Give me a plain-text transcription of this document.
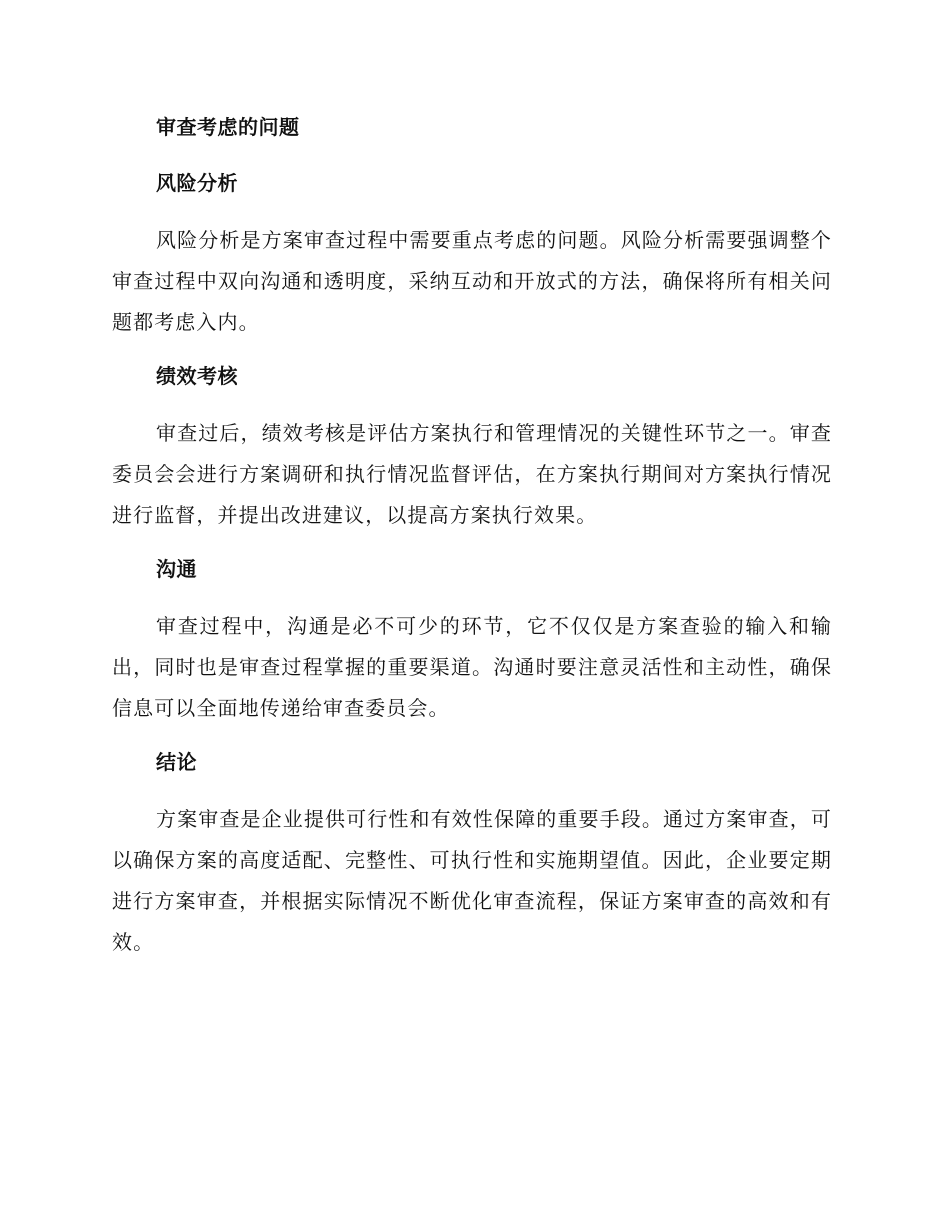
审查考虑的问题
风险分析

风险分析是方案审查过程中需要重点考虑的问题。风险分析需要强调整个审查过程中双向沟通和透明度，采纳互动和开放式的方法，确保将所有相关问题都考虑入内。

绩效考核

审查过后，绩效考核是评估方案执行和管理情况的关键性环节之一。审查委员会会进行方案调研和执行情况监督评估，在方案执行期间对方案执行情况进行监督，并提出改进建议，以提高方案执行效果。

沟通

审查过程中，沟通是必不可少的环节，它不仅仅是方案查验的输入和输出，同时也是审查过程掌握的重要渠道。沟通时要注意灵活性和主动性，确保信息可以全面地传递给审查委员会。

结论

方案审查是企业提供可行性和有效性保障的重要手段。通过方案审查，可以确保方案的高度适配、完整性、可执行性和实施期望值。因此，企业要定期进行方案审查，并根据实际情况不断优化审查流程，保证方案审查的高效和有效。
